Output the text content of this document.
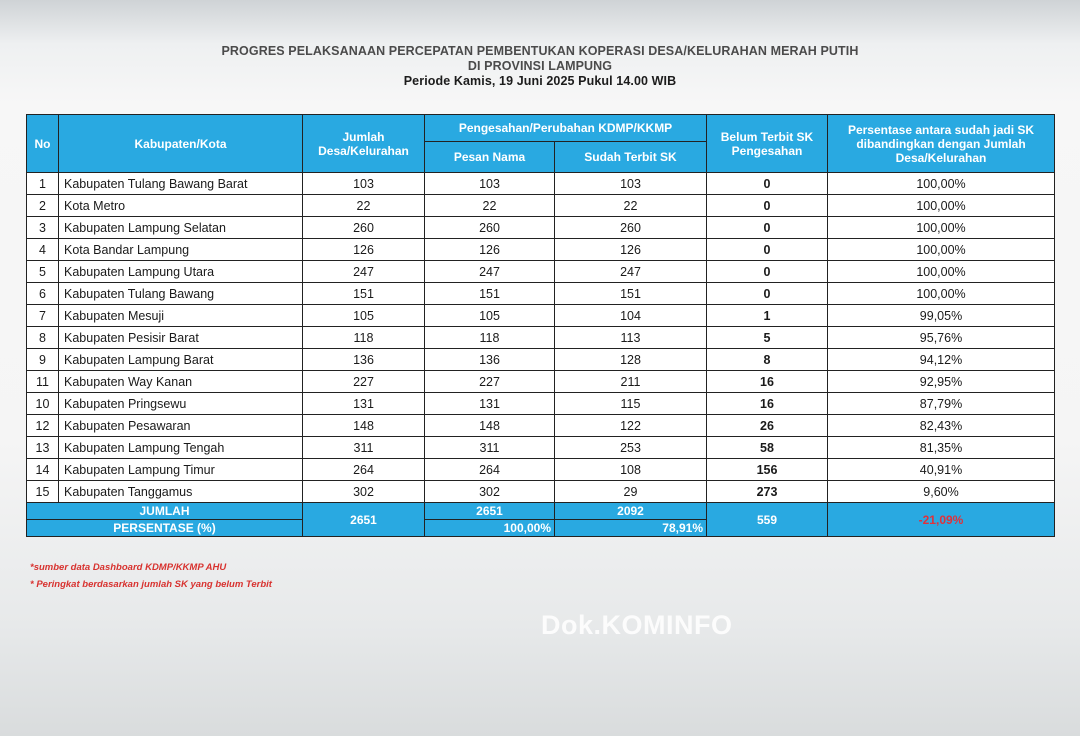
PROGRES PELAKSANAAN PERCEPATAN PEMBENTUKAN KOPERASI DESA/KELURAHAN MERAH PUTIH
DI PROVINSI LAMPUNG
Periode Kamis, 19 Juni 2025 Pukul 14.00 WIB
No	Kabupaten/Kota	Jumlah Desa/Kelurahan	Pengesahan/Perubahan KDMP/KKMP		Belum Terbit SK Pengesahan	Persentase antara sudah jadi SK dibandingkan dengan Jumlah Desa/Kelurahan
			Pesan Nama	Sudah Terbit SK		
1	Kabupaten Tulang Bawang Barat	103	103	103	0	100,00%
2	Kota Metro	22	22	22	0	100,00%
3	Kabupaten Lampung Selatan	260	260	260	0	100,00%
4	Kota Bandar Lampung	126	126	126	0	100,00%
5	Kabupaten Lampung Utara	247	247	247	0	100,00%
6	Kabupaten Tulang Bawang	151	151	151	0	100,00%
7	Kabupaten Mesuji	105	105	104	1	99,05%
8	Kabupaten Pesisir Barat	118	118	113	5	95,76%
9	Kabupaten Lampung Barat	136	136	128	8	94,12%
11	Kabupaten Way Kanan	227	227	211	16	92,95%
10	Kabupaten Pringsewu	131	131	115	16	87,79%
12	Kabupaten Pesawaran	148	148	122	26	82,43%
13	Kabupaten Lampung Tengah	311	311	253	58	81,35%
14	Kabupaten Lampung Timur	264	264	108	156	40,91%
15	Kabupaten Tanggamus	302	302	29	273	9,60%
JUMLAH		2651	2651	2092	559	-21,09%
PERSENTASE (%)			100,00%	78,91%		
*sumber data Dashboard KDMP/KKMP AHU
* Peringkat berdasarkan jumlah SK yang belum Terbit
Dok.KOMINFO
